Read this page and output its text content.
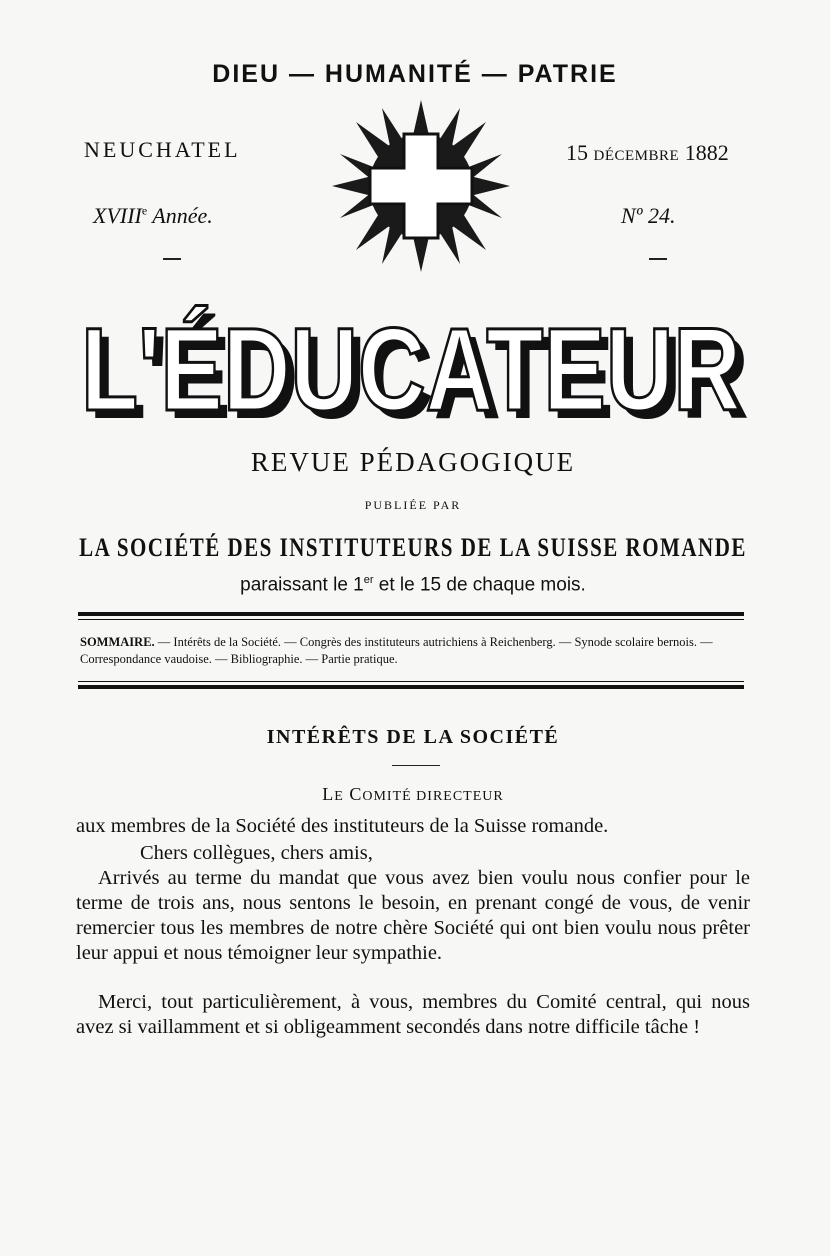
DIEU — HUMANITÉ — PATRIE
NEUCHATEL	15 DÉCEMBRE 1882
XVIIIe Année.	Nº 24.
L'ÉDUCATEUR
L'ÉDUCATEUR
REVUE PÉDAGOGIQUE
PUBLIÉE PAR
LA SOCIÉTÉ DES INSTITUTEURS DE LA SUISSE ROMANDE
paraissant le 1er et le 15 de chaque mois.
SOMMAIRE. — Intérêts de la Société. — Congrès des instituteurs autrichiens à Reichenberg. — Synode scolaire bernois. — Correspondance vaudoise. — Bibliographie. — Partie pratique.
INTÉRÊTS DE LA SOCIÉTÉ
LE COMITÉ DIRECTEUR
aux membres de la Société des instituteurs de la Suisse romande.
Chers collègues, chers amis,
Arrivés au terme du mandat que vous avez bien voulu nous confier pour le terme de trois ans, nous sentons le besoin, en prenant congé de vous, de venir remercier tous les membres de notre chère Société qui ont bien voulu nous prêter leur appui et nous témoigner leur sympathie.
Merci, tout particulièrement, à vous, membres du Comité central, qui nous avez si vaillamment et si obligeamment secondés dans notre difficile tâche !
